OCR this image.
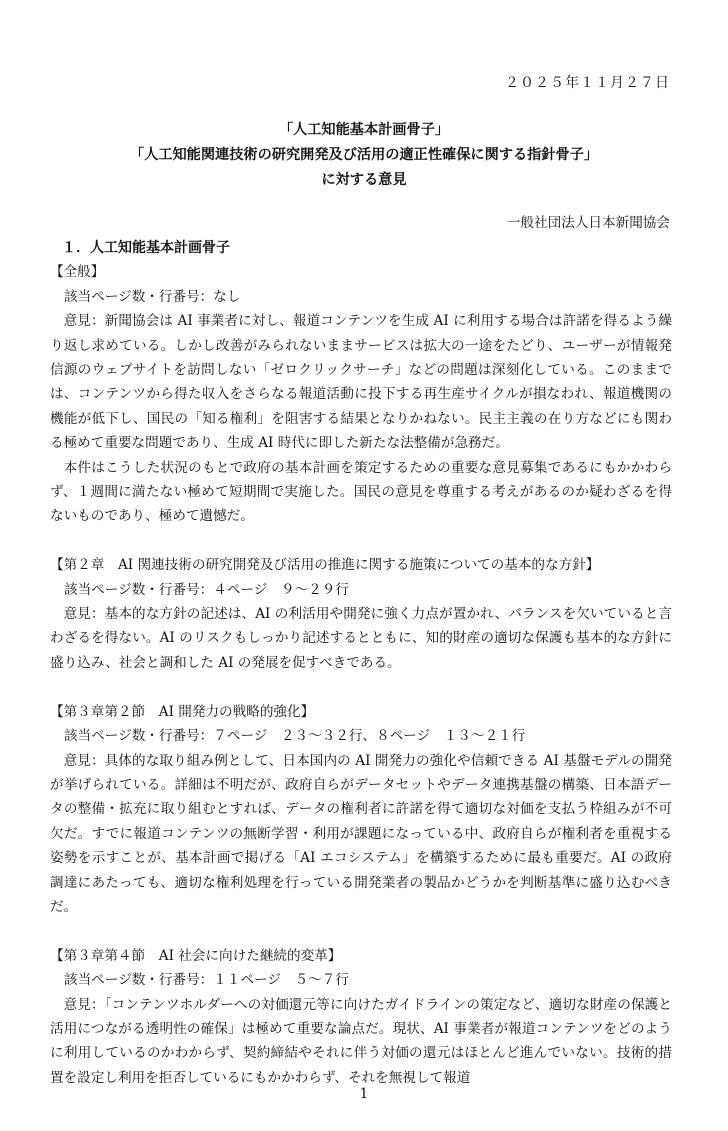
２０２５年１１月２７日
「人工知能基本計画骨子」
「人工知能関連技術の研究開発及び活用の適正性確保に関する指針骨子」
に対する意見
一般社団法人日本新聞協会

１．人工知能基本計画骨子

【全般】

該当ページ数・行番号：なし

意見：新聞協会は AI 事業者に対し、報道コンテンツを生成 AI に利用する場合は許諾を得るよう繰り返し求めている。しかし改善がみられないままサービスは拡大の一途をたどり、ユーザーが情報発信源のウェブサイトを訪問しない「ゼロクリックサーチ」などの問題は深刻化している。このままでは、コンテンツから得た収入をさらなる報道活動に投下する再生産サイクルが損なわれ、報道機関の機能が低下し、国民の「知る権利」を阻害する結果となりかねない。民主主義の在り方などにも関わる極めて重要な問題であり、生成 AI 時代に即した新たな法整備が急務だ。

本件はこうした状況のもとで政府の基本計画を策定するための重要な意見募集であるにもかかわらず、１週間に満たない極めて短期間で実施した。国民の意見を尊重する考えがあるのか疑わざるを得ないものであり、極めて遺憾だ。

【第２章　AI 関連技術の研究開発及び活用の推進に関する施策についての基本的な方針】

該当ページ数・行番号：４ページ　９～２９行

意見：基本的な方針の記述は、AI の利活用や開発に強く力点が置かれ、バランスを欠いていると言わざるを得ない。AI のリスクもしっかり記述するとともに、知的財産の適切な保護も基本的な方針に盛り込み、社会と調和した AI の発展を促すべきである。

【第３章第２節　AI 開発力の戦略的強化】

該当ページ数・行番号：７ページ　２３～３２行、８ページ　１３～２１行

意見：具体的な取り組み例として、日本国内の AI 開発力の強化や信頼できる AI 基盤モデルの開発が挙げられている。詳細は不明だが、政府自らがデータセットやデータ連携基盤の構築、日本語データの整備・拡充に取り組むとすれば、データの権利者に許諾を得て適切な対価を支払う枠組みが不可欠だ。すでに報道コンテンツの無断学習・利用が課題になっている中、政府自らが権利者を重視する姿勢を示すことが、基本計画で掲げる「AI エコシステム」を構築するために最も重要だ。AI の政府調達にあたっても、適切な権利処理を行っている開発業者の製品かどうかを判断基準に盛り込むべきだ。

【第３章第４節　AI 社会に向けた継続的変革】

該当ページ数・行番号：１１ページ　５～７行

意見：「コンテンツホルダーへの対価還元等に向けたガイドラインの策定など、適切な財産の保護と活用につながる透明性の確保」は極めて重要な論点だ。現状、AI 事業者が報道コンテンツをどのように利用しているのかわからず、契約締結やそれに伴う対価の還元はほとんど進んでいない。技術的措置を設定し利用を拒否しているにもかかわらず、それを無視して報道

1
